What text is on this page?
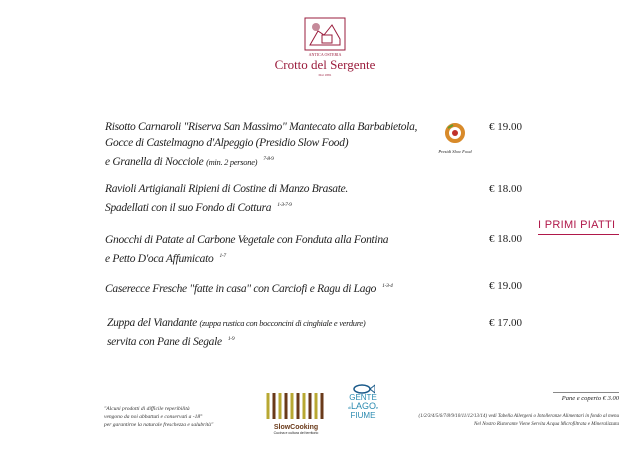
ANTICA OSTERIA
Crotto del Sergente
Dal 1881
Risotto Carnaroli "Riserva San Massimo" Mantecato alla Barbabietola,
Gocce di Castelmagno d'Alpeggio (Presidio Slow Food)
e Granella di Nocciole (min. 2 persone) $^{7-8-9}$
€ 19.00
Presidi Slow Food
Ravioli Artigianali Ripieni di Costine di Manzo Brasate.
Spadellati con il suo Fondo di Cottura $^{1-3-7-9}$
€ 18.00
Gnocchi di Patate al Carbone Vegetale con Fonduta alla Fontina
e Petto D'oca Affumicato $^{1-7}$
€ 18.00
Caserecce Fresche "fatte in casa" con Carciofi e Ragu di Lago $^{1-3-4}$	€ 19.00
Zuppa del Viandante (zuppa rustica con bocconcini di cinghiale e verdure)
servita con Pane di Segale $^{1-9}$
€ 17.00
I PRIMI PIATTI
"Alcuni prodotti di difficile reperibilità
vengono da noi abbattuti e conservati a -18°
per garantirne la naturale freschezza e salubrità"	SlowCooking
Cucina e cultura del territorio
GENTE
diLAGOe
FIUME
Pane e coperto € 3.00
(1/2/3/4/5/6/7/8/9/10/11/12/13/14) vedi Tabella Allergeni o Intolleranze Alimentari in fondo al menu
Nel Nostro Ristorante Viene Servita Acqua Microfiltrata e Mineralizzata
